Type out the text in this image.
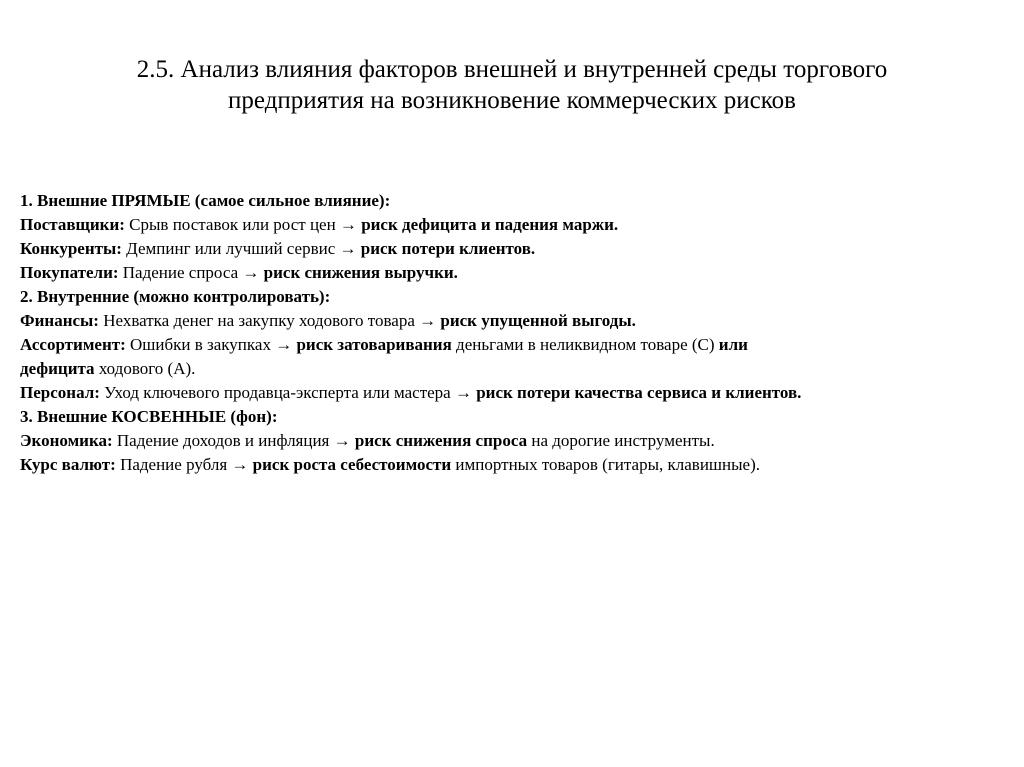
2.5. Анализ влияния факторов внешней и внутренней среды торгового
предприятия на возникновение коммерческих рисков
1. Внешние ПРЯМЫЕ (самое сильное влияние):
Поставщики: Срыв поставок или рост цен → риск дефицита и падения маржи.
Конкуренты: Демпинг или лучший сервис → риск потери клиентов.
Покупатели: Падение спроса → риск снижения выручки.
2. Внутренние (можно контролировать):
Финансы: Нехватка денег на закупку ходового товара → риск упущенной выгоды.
Ассортимент: Ошибки в закупках → риск затоваривания деньгами в неликвидном товаре (С) или
дефицита ходового (А).
Персонал: Уход ключевого продавца-эксперта или мастера → риск потери качества сервиса и клиентов.
3. Внешние КОСВЕННЫЕ (фон):
Экономика: Падение доходов и инфляция → риск снижения спроса на дорогие инструменты.
Курс валют: Падение рубля → риск роста себестоимости импортных товаров (гитары, клавишные).
